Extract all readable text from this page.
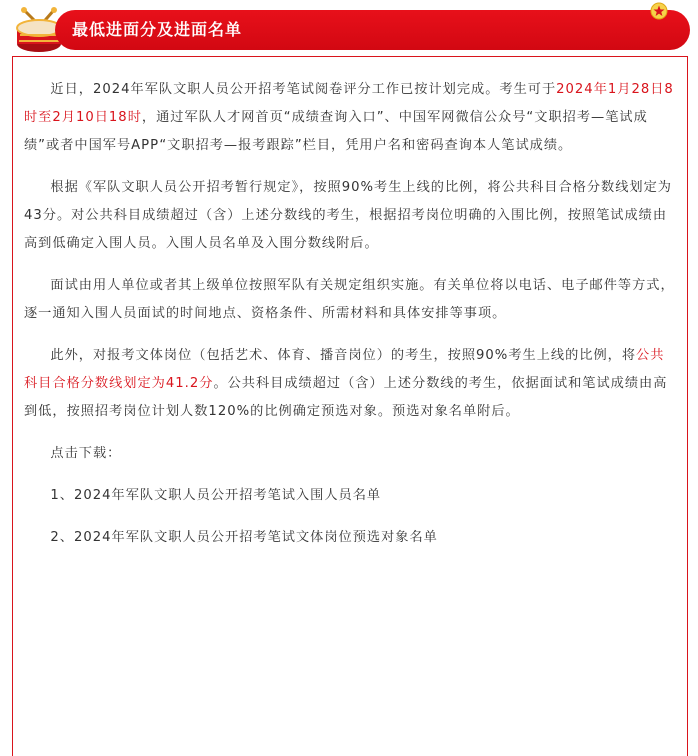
最低进面分及进面名单

近日，2024年军队文职人员公开招考笔试阅卷评分工作已按计划完成。考生可于2024年1月28日8时至2月10日18时，通过军队人才网首页“成绩查询入口”、中国军网微信公众号“文职招考—笔试成绩”或者中国军号APP“文职招考—报考跟踪”栏目，凭用户名和密码查询本人笔试成绩。

根据《军队文职人员公开招考暂行规定》，按照90%考生上线的比例，将公共科目合格分数线划定为43分。对公共科目成绩超过（含）上述分数线的考生，根据招考岗位明确的入围比例，按照笔试成绩由高到低确定入围人员。入围人员名单及入围分数线附后。

面试由用人单位或者其上级单位按照军队有关规定组织实施。有关单位将以电话、电子邮件等方式，逐一通知入围人员面试的时间地点、资格条件、所需材料和具体安排等事项。

此外，对报考文体岗位（包括艺术、体育、播音岗位）的考生，按照90%考生上线的比例，将公共科目合格分数线划定为41.2分。公共科目成绩超过（含）上述分数线的考生，依据面试和笔试成绩由高到低，按照招考岗位计划人数120%的比例确定预选对象。预选对象名单附后。

点击下载：

1、2024年军队文职人员公开招考笔试入围人员名单

2、2024年军队文职人员公开招考笔试文体岗位预选对象名单
